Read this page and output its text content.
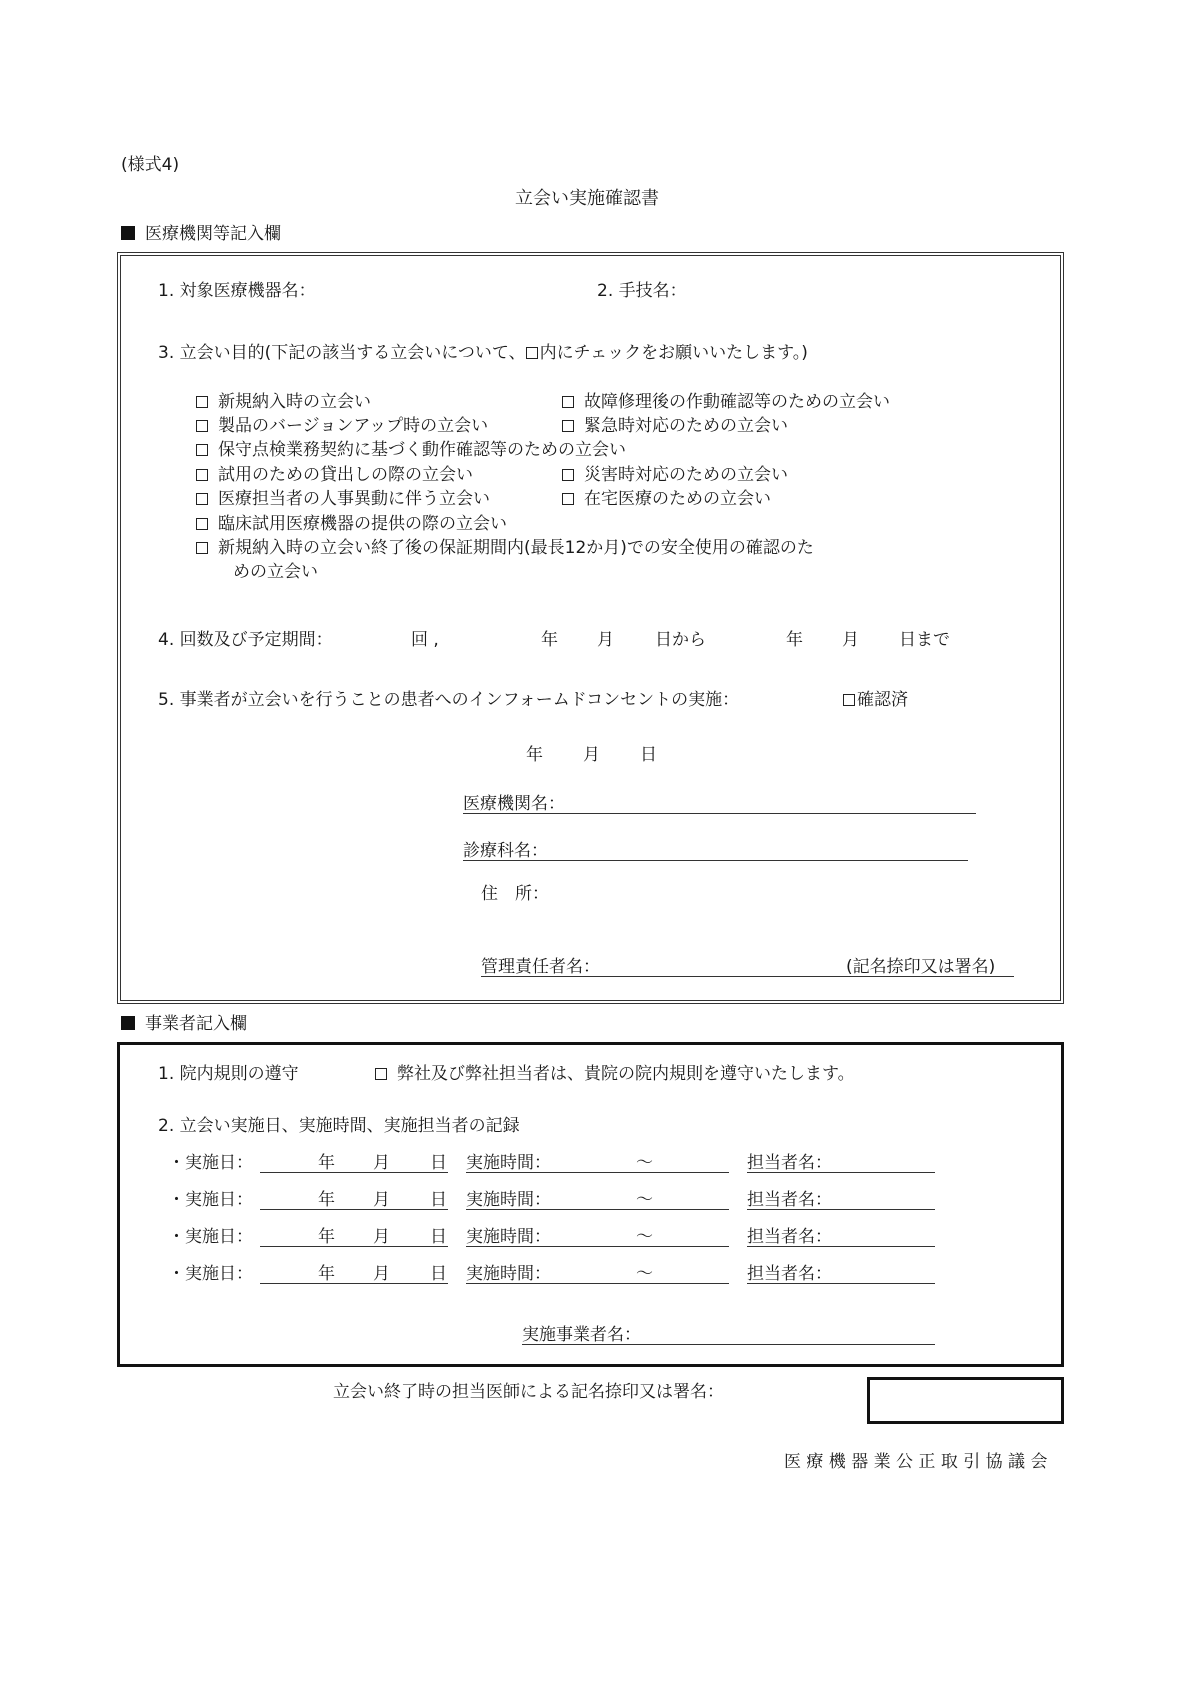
(様式4)
立会い実施確認書
医療機関等記入欄
1. 対象医療機器名：	2. 手技名：
3. 立会い目的(下記の該当する立会いについて、 内にチェックをお願いいたします。)
新規納入時の立会い	故障修理後の作動確認等のための立会い
製品のバージョンアップ時の立会い	緊急時対応のための立会い
保守点検業務契約に基づく動作確認等のための立会い
試用のための貸出しの際の立会い	災害時対応のための立会い
医療担当者の人事異動に伴う立会い	在宅医療のための立会い
臨床試用医療機器の提供の際の立会い
新規納入時の立会い終了後の保証期間内(最長12か月)での安全使用の確認のた
めの立会い
4. 回数及び予定期間：	回 ,	年 月 日から	年 月 日まで
5. 事業者が立会いを行うことの患者へのインフォームドコンセントの実施：	確認済
年 月 日
医療機関名：
診療科名：
住　所：
管理責任者名：	(記名捺印又は署名)
事業者記入欄
1. 院内規則の遵守	弊社及び弊社担当者は、貴院の院内規則を遵守いたします。
2. 立会い実施日、実施時間、実施担当者の記録
・実施日：	年 月 日 実施時間：	～	担当者名：
・実施日：	年 月 日 実施時間：	～	担当者名：
・実施日：	年 月 日 実施時間：	～	担当者名：
・実施日：	年 月 日 実施時間：	～	担当者名：
実施事業者名：
立会い終了時の担当医師による記名捺印又は署名：
医 療 機 器 業 公 正 取 引 協 議 会
